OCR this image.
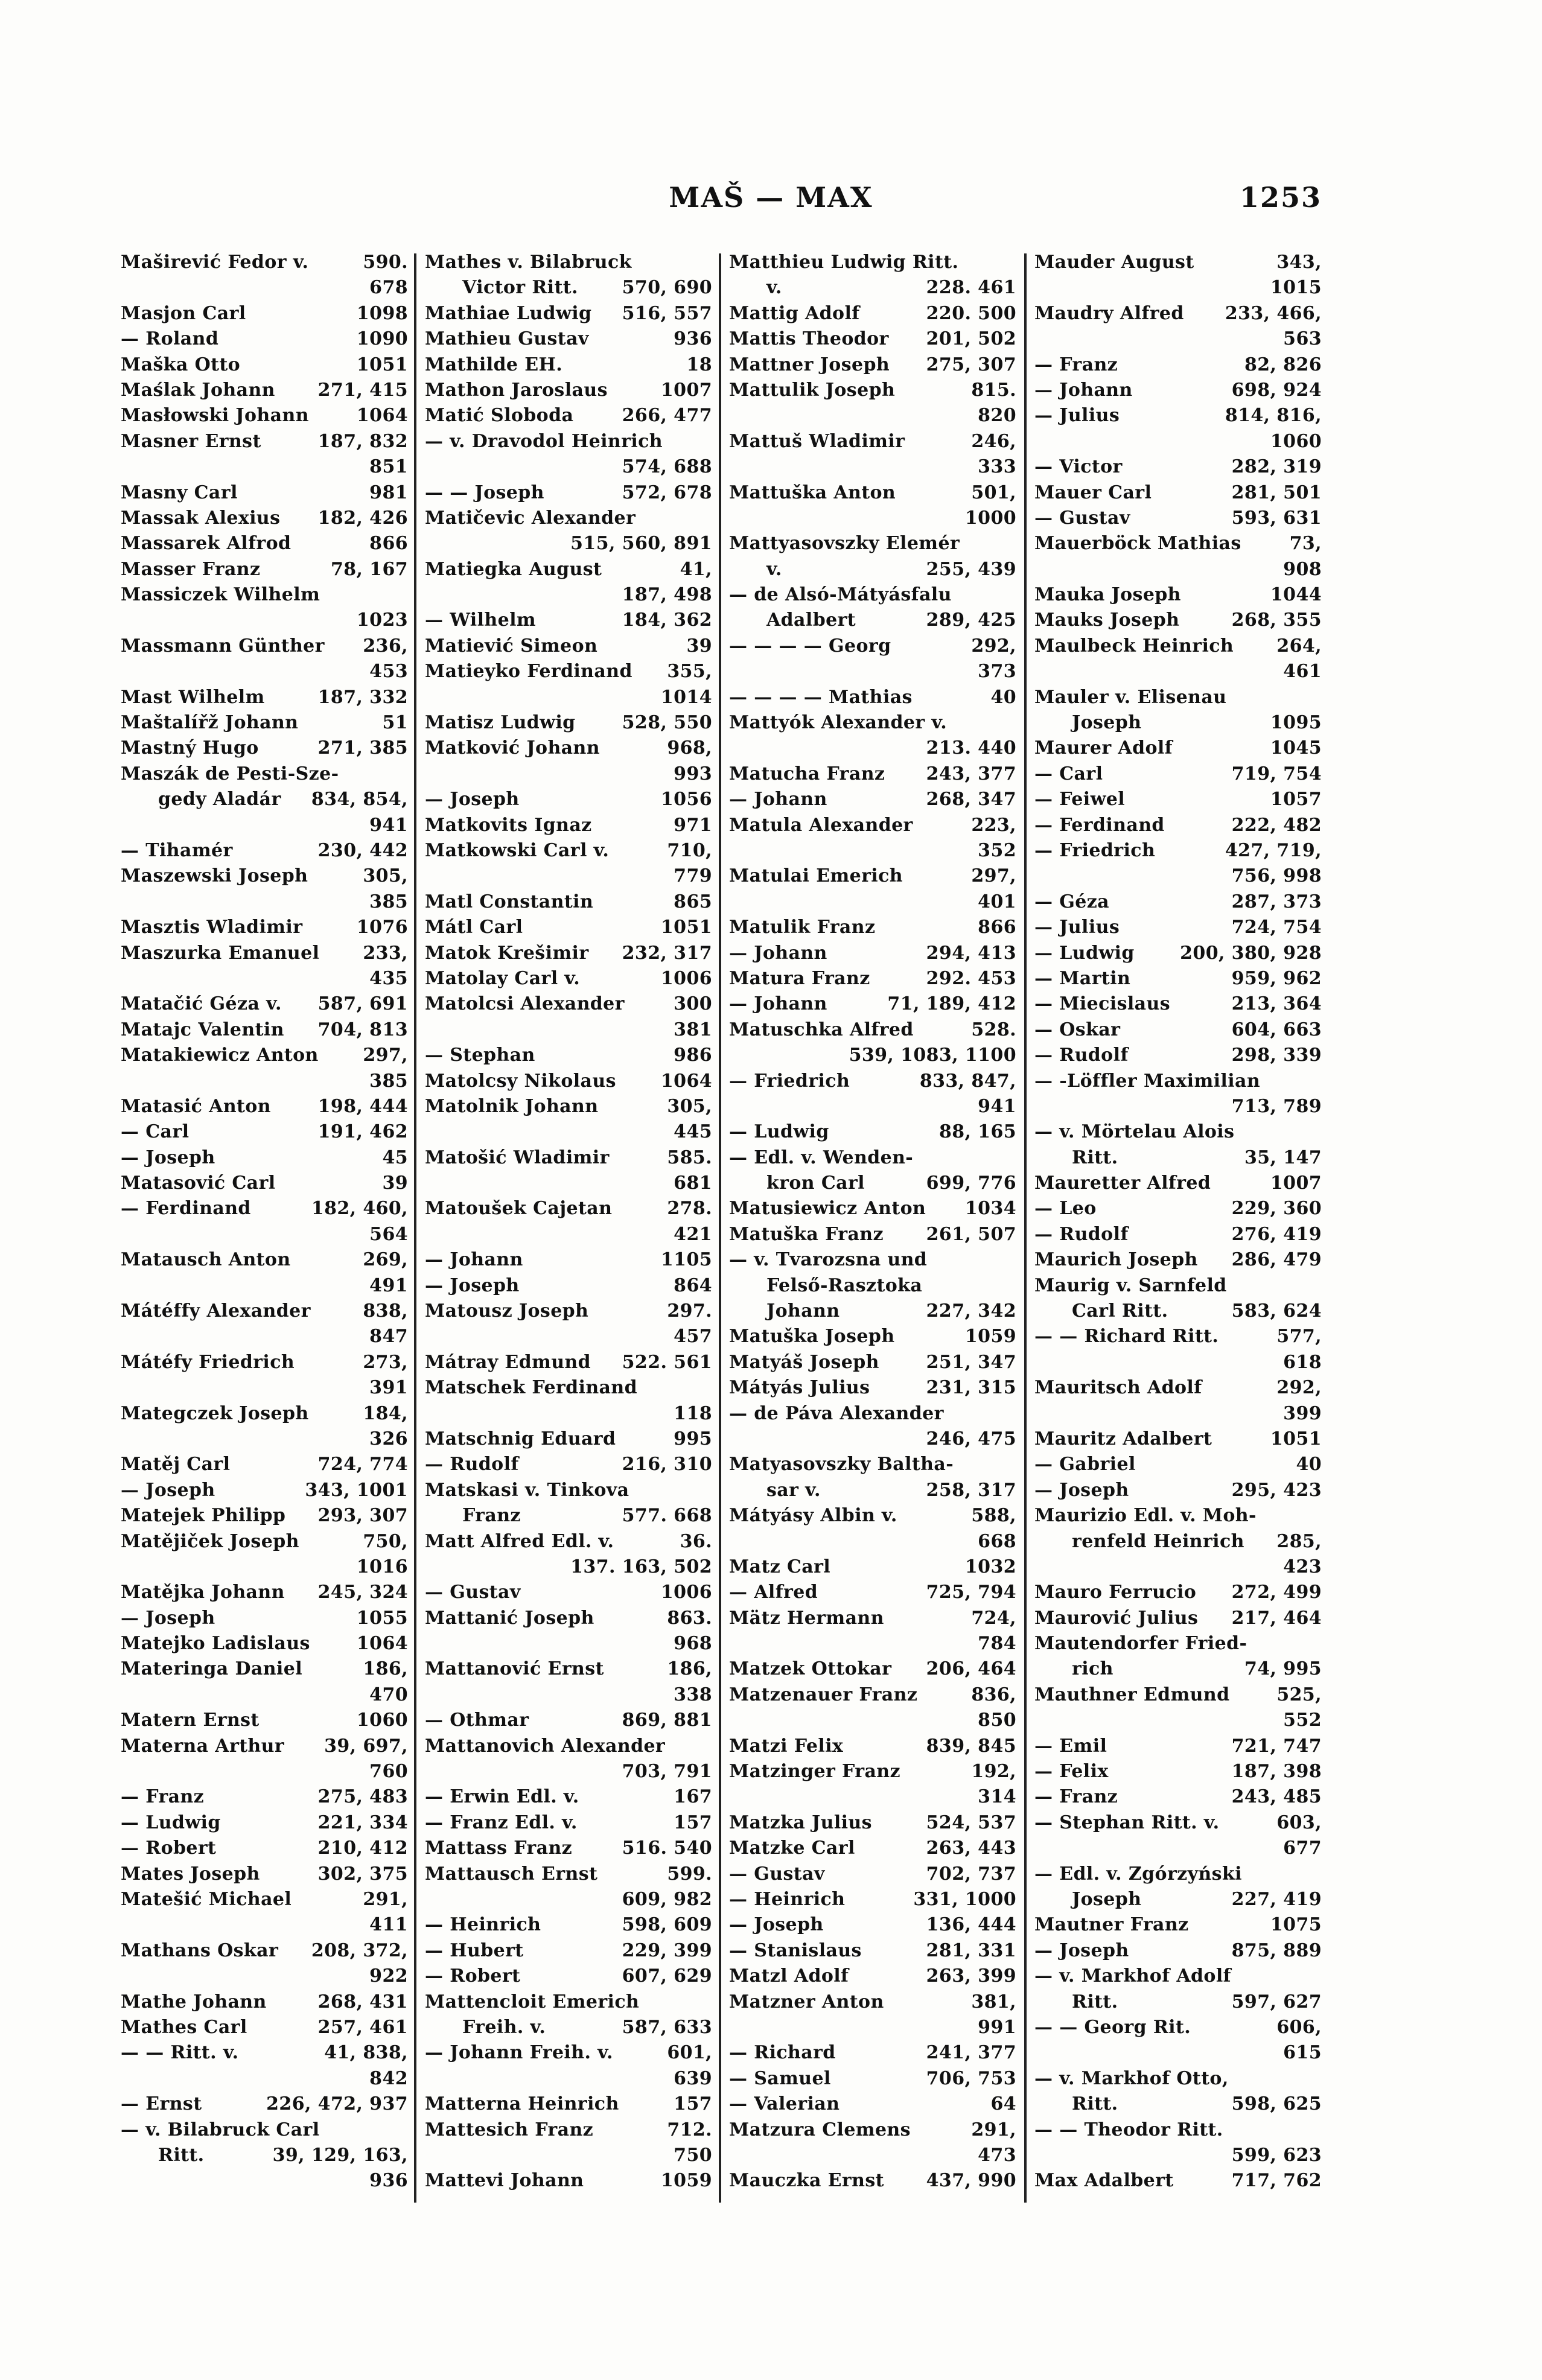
MAŠ — MAX	1253
Maširević Fedor v.	590.
678
Masjon Carl	1098
— Roland	1090
Maška Otto	1051
Maślak Johann 271, 415
Masłowski Johann	1064
Masner Ernst	187, 832
851
Masny Carl	981
Massak Alexius 182, 426
Massarek Alfrod	866
Masser Franz	78, 167
Massiczek Wilhelm
1023
Massmann Günther 236,
453
Mast Wilhelm	187, 332
Maštalířž Johann	51
Mastný Hugo	271, 385
Maszák de Pesti-Sze-
gedy Aladár 834, 854,
941
— Tihamér	230, 442
Maszewski Joseph	305,
385
Masztis Wladimir	1076
Maszurka Emanuel 233,
435
Matačić Géza v. 587, 691
Matajc Valentin 704, 813
Matakiewicz Anton 297,
385
Matasić Anton	198, 444
— Carl	191, 462
— Joseph	45
Matasović Carl	39
— Ferdinand	182, 460,
564
Matausch Anton	269,
491
Mátéffy Alexander	838,
847
Mátéfy Friedrich	273,
391
Mategczek Joseph	184,
326
Matěj Carl	724, 774
— Joseph	343, 1001
Matejek Philipp 293, 307
Matějiček Joseph	750,
1016
Matějka Johann 245, 324
— Joseph	1055
Matejko Ladislaus	1064
Materinga Daniel	186,
470
Matern Ernst	1060
Materna Arthur 39, 697,
760
— Franz	275, 483
— Ludwig	221, 334
— Robert	210, 412
Mates Joseph	302, 375
Matešić Michael	291,
411
Mathans Oskar 208, 372,
922
Mathe Johann	268, 431
Mathes Carl	257, 461
— — Ritt. v.	41, 838,
842
— Ernst	226, 472, 937
— v. Bilabruck Carl
Ritt.	39, 129, 163,
936
Mathes v. Bilabruck
Victor Ritt. 570, 690
Mathiae Ludwig 516, 557
Mathieu Gustav	936
Mathilde EH.	18
Mathon Jaroslaus	1007
Matić Sloboda	266, 477
— v. Dravodol Heinrich
574, 688
— — Joseph	572, 678
Matičevic Alexander
515, 560, 891
Matiegka August	41,
187, 498
— Wilhelm	184, 362
Matiević Simeon	39
Matieyko Ferdinand 355,
1014
Matisz Ludwig	528, 550
Matković Johann	968,
993
— Joseph	1056
Matkovits Ignaz	971
Matkowski Carl v.	710,
779
Matl Constantin	865
Mátl Carl	1051
Matok Krešimir 232, 317
Matolay Carl v.	1006
Matolcsi Alexander	300
381
— Stephan	986
Matolcsy Nikolaus 1064
Matolnik Johann	305,
445
Matošić Wladimir	585.
681
Matoušek Cajetan	278.
421
— Johann	1105
— Joseph	864
Matousz Joseph	297.
457
Mátray Edmund 522. 561
Matschek Ferdinand
118
Matschnig Eduard	995
— Rudolf	216, 310
Matskasi v. Tinkova
Franz	577. 668
Matt Alfred Edl. v.	36.
137. 163, 502
— Gustav	1006
Mattanić Joseph	863.
968
Mattanović Ernst	186,
338
— Othmar	869, 881
Mattanovich Alexander
703, 791
— Erwin Edl. v.	167
— Franz Edl. v.	157
Mattass Franz	516. 540
Mattausch Ernst	599.
609, 982
— Heinrich	598, 609
— Hubert	229, 399
— Robert	607, 629
Mattencloit Emerich
Freih. v.	587, 633
— Johann Freih. v.	601,
639
Matterna Heinrich	157
Mattesich Franz	712.
750
Mattevi Johann	1059
Matthieu Ludwig Ritt.
v.	228. 461
Mattig Adolf	220. 500
Mattis Theodor 201, 502
Mattner Joseph 275, 307
Mattulik Joseph	815.
820
Mattuš Wladimir	246,
333
Mattuška Anton	501,
1000
Mattyasovszky Elemér
v.	255, 439
— de Alsó-Mátyásfalu
Adalbert	289, 425
— — — — Georg	292,
373
— — — — Mathias	40
Mattyók Alexander v.
213. 440
Matucha Franz 243, 377
— Johann	268, 347
Matula Alexander	223,
352
Matulai Emerich	297,
401
Matulik Franz	866
— Johann	294, 413
Matura Franz	292. 453
— Johann	71, 189, 412
Matuschka Alfred	528.
539, 1083, 1100
— Friedrich	833, 847,
941
— Ludwig	88, 165
— Edl. v. Wenden-
kron Carl	699, 776
Matusiewicz Anton 1034
Matuška Franz 261, 507
— v. Tvarozsna und
Felső-Rasztoka
Johann	227, 342
Matuška Joseph	1059
Matyáš Joseph	251, 347
Mátyás Julius	231, 315
— de Páva Alexander
246, 475
Matyasovszky Baltha-
sar v.	258, 317
Mátyásy Albin v.	588,
668
Matz Carl	1032
— Alfred	725, 794
Mätz Hermann	724,
784
Matzek Ottokar 206, 464
Matzenauer Franz	836,
850
Matzi Felix	839, 845
Matzinger Franz	192,
314
Matzka Julius	524, 537
Matzke Carl	263, 443
— Gustav	702, 737
— Heinrich	331, 1000
— Joseph	136, 444
— Stanislaus	281, 331
Matzl Adolf	263, 399
Matzner Anton	381,
991
— Richard	241, 377
— Samuel	706, 753
— Valerian	64
Matzura Clemens	291,
473
Mauczka Ernst 437, 990
Mauder August	343,
1015
Maudry Alfred 233, 466,
563
— Franz	82, 826
— Johann	698, 924
— Julius	814, 816,
1060
— Victor	282, 319
Mauer Carl	281, 501
— Gustav	593, 631
Mauerböck Mathias	73,
908
Mauka Joseph	1044
Mauks Joseph	268, 355
Maulbeck Heinrich 264,
461
Mauler v. Elisenau
Joseph	1095
Maurer Adolf	1045
— Carl	719, 754
— Feiwel	1057
— Ferdinand	222, 482
— Friedrich	427, 719,
756, 998
— Géza	287, 373
— Julius	724, 754
— Ludwig	200, 380, 928
— Martin	959, 962
— Miecislaus	213, 364
— Oskar	604, 663
— Rudolf	298, 339
— -Löffler Maximilian
713, 789
— v. Mörtelau Alois
Ritt.	35, 147
Mauretter Alfred	1007
— Leo	229, 360
— Rudolf	276, 419
Maurich Joseph 286, 479
Maurig v. Sarnfeld
Carl Ritt.	583, 624
— — Richard Ritt.	577,
618
Mauritsch Adolf	292,
399
Mauritz Adalbert	1051
— Gabriel	40
— Joseph	295, 423
Maurizio Edl. v. Moh-
renfeld Heinrich 285,
423
Mauro Ferrucio 272, 499
Maurović Julius 217, 464
Mautendorfer Fried-
rich	74, 995
Mauthner Edmund	525,
552
— Emil	721, 747
— Felix	187, 398
— Franz	243, 485
— Stephan Ritt. v.	603,
677
— Edl. v. Zgórzyński
Joseph	227, 419
Mautner Franz	1075
— Joseph	875, 889
— v. Markhof Adolf
Ritt.	597, 627
— — Georg Rit.	606,
615
— v. Markhof Otto,
Ritt.	598, 625
— — Theodor Ritt.
599, 623
Max Adalbert	717, 762
